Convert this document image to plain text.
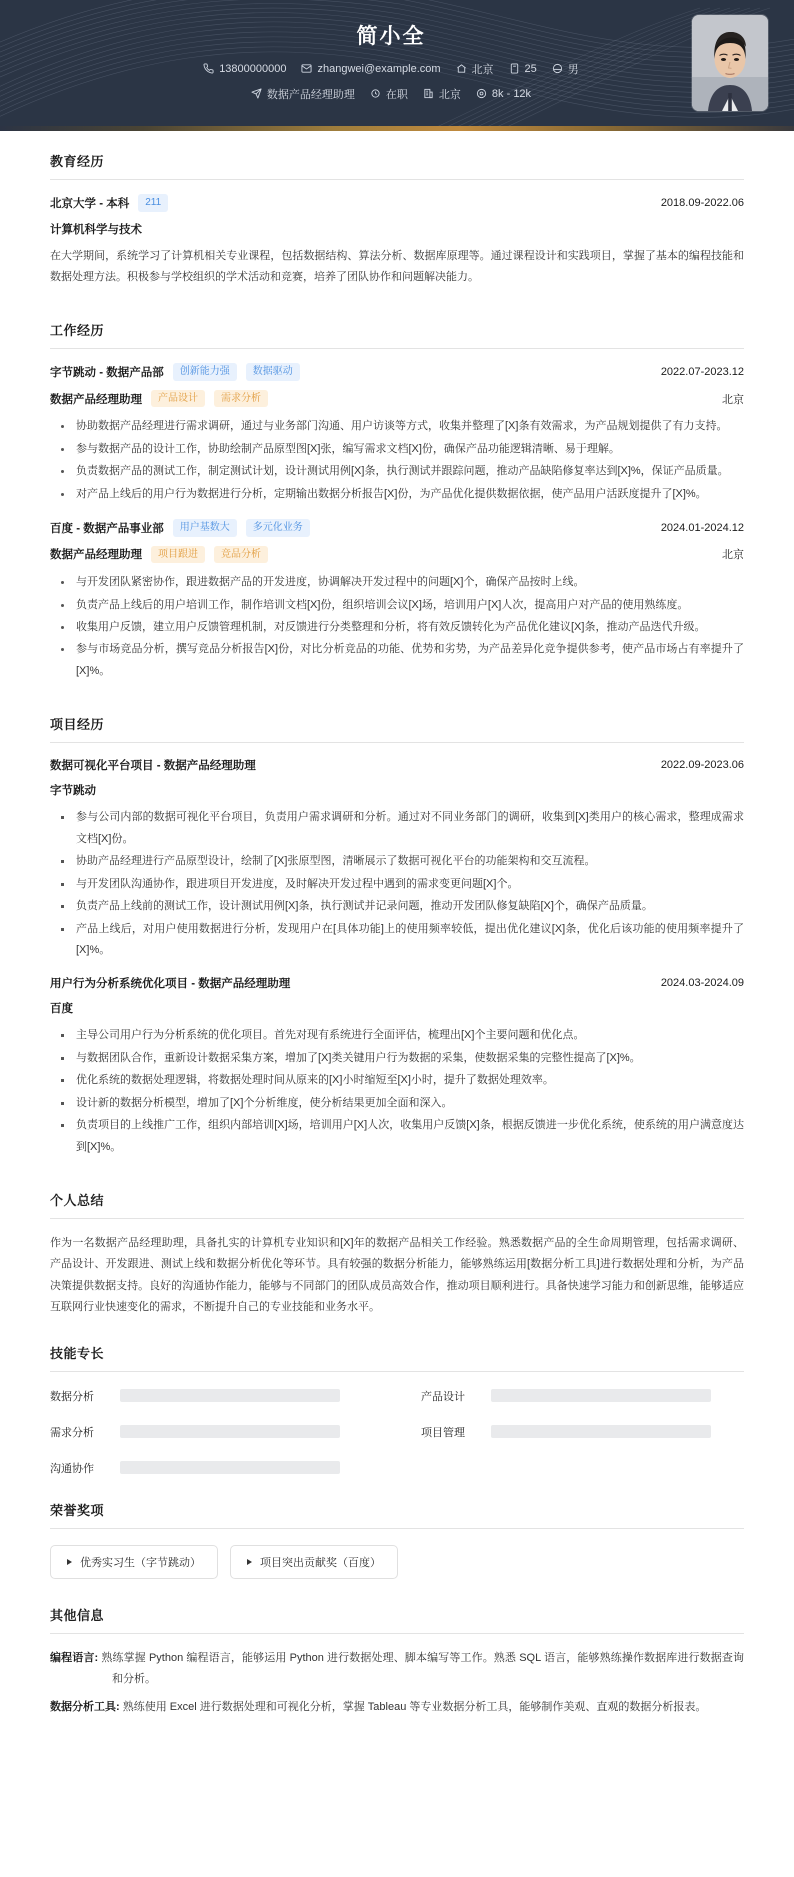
简小全
13800000000	zhangwei@example.com	北京	25	男
数据产品经理助理	在职	北京	8k - 12k
教育经历
北京大学 - 本科	211	2018.09-2022.06
计算机科学与技术
在大学期间，系统学习了计算机相关专业课程，包括数据结构、算法分析、数据库原理等。通过课程设计和实践项目，掌握了基本的编程技能和数据处理方法。积极参与学校组织的学术活动和竞赛，培养了团队协作和问题解决能力。
工作经历
字节跳动 - 数据产品部	创新能力强	数据驱动	2022.07-2023.12
数据产品经理助理	产品设计	需求分析	北京
协助数据产品经理进行需求调研，通过与业务部门沟通、用户访谈等方式，收集并整理了[X]条有效需求，为产品规划提供了有力支持。
参与数据产品的设计工作，协助绘制产品原型图[X]张，编写需求文档[X]份，确保产品功能逻辑清晰、易于理解。
负责数据产品的测试工作，制定测试计划，设计测试用例[X]条，执行测试并跟踪问题，推动产品缺陷修复率达到[X]%，保证产品质量。
对产品上线后的用户行为数据进行分析，定期输出数据分析报告[X]份，为产品优化提供数据依据，使产品用户活跃度提升了[X]%。
百度 - 数据产品事业部	用户基数大	多元化业务	2024.01-2024.12
数据产品经理助理	项目跟进	竞品分析	北京
与开发团队紧密协作，跟进数据产品的开发进度，协调解决开发过程中的问题[X]个，确保产品按时上线。
负责产品上线后的用户培训工作，制作培训文档[X]份，组织培训会议[X]场，培训用户[X]人次，提高用户对产品的使用熟练度。
收集用户反馈，建立用户反馈管理机制，对反馈进行分类整理和分析，将有效反馈转化为产品优化建议[X]条，推动产品迭代升级。
参与市场竞品分析，撰写竞品分析报告[X]份，对比分析竞品的功能、优势和劣势，为产品差异化竞争提供参考，使产品市场占有率提升了[X]%。
项目经历
数据可视化平台项目 - 数据产品经理助理	2022.09-2023.06
字节跳动
参与公司内部的数据可视化平台项目，负责用户需求调研和分析。通过对不同业务部门的调研，收集到[X]类用户的核心需求，整理成需求文档[X]份。
协助产品经理进行产品原型设计，绘制了[X]张原型图，清晰展示了数据可视化平台的功能架构和交互流程。
与开发团队沟通协作，跟进项目开发进度，及时解决开发过程中遇到的需求变更问题[X]个。
负责产品上线前的测试工作，设计测试用例[X]条，执行测试并记录问题，推动开发团队修复缺陷[X]个，确保产品质量。
产品上线后，对用户使用数据进行分析，发现用户在[具体功能]上的使用频率较低，提出优化建议[X]条，优化后该功能的使用频率提升了[X]%。
用户行为分析系统优化项目 - 数据产品经理助理	2024.03-2024.09
百度
主导公司用户行为分析系统的优化项目。首先对现有系统进行全面评估，梳理出[X]个主要问题和优化点。
与数据团队合作，重新设计数据采集方案，增加了[X]类关键用户行为数据的采集，使数据采集的完整性提高了[X]%。
优化系统的数据处理逻辑，将数据处理时间从原来的[X]小时缩短至[X]小时，提升了数据处理效率。
设计新的数据分析模型，增加了[X]个分析维度，使分析结果更加全面和深入。
负责项目的上线推广工作，组织内部培训[X]场，培训用户[X]人次，收集用户反馈[X]条，根据反馈进一步优化系统，使系统的用户满意度达到[X]%。
个人总结
作为一名数据产品经理助理，具备扎实的计算机专业知识和[X]年的数据产品相关工作经验。熟悉数据产品的全生命周期管理，包括需求调研、产品设计、开发跟进、测试上线和数据分析优化等环节。具有较强的数据分析能力，能够熟练运用[数据分析工具]进行数据处理和分析，为产品决策提供数据支持。良好的沟通协作能力，能够与不同部门的团队成员高效合作，推动项目顺利进行。具备快速学习能力和创新思维，能够适应互联网行业快速变化的需求，不断提升自己的专业技能和业务水平。
技能专长
数据分析	产品设计
需求分析	项目管理
沟通协作
荣誉奖项
优秀实习生（字节跳动）	项目突出贡献奖（百度）
其他信息
编程语言: 熟练掌握 Python 编程语言，能够运用 Python 进行数据处理、脚本编写等工作。熟悉 SQL 语言，能够熟练操作数据库进行数据查询和分析。
数据分析工具: 熟练使用 Excel 进行数据处理和可视化分析，掌握 Tableau 等专业数据分析工具，能够制作美观、直观的数据分析报表。
